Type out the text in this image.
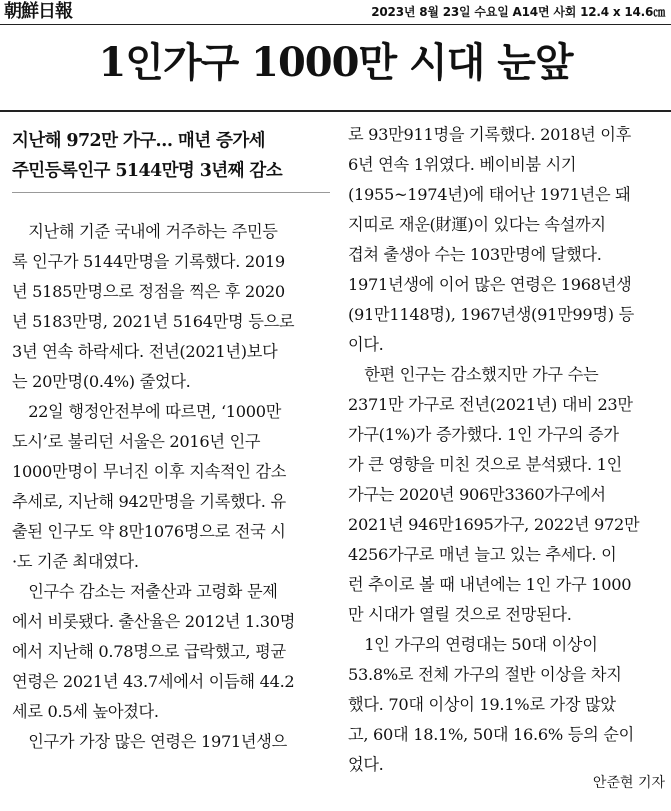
朝鮮日報	2023년 8월 23일 수요일 A14면 사회 12.4 x 14.6㎝
1인가구 1000만 시대 눈앞

지난해 972만 가구… 매년 증가세

주민등록인구 5144만명 3년째 감소

지난해 기준 국내에 거주하는 주민등
록 인구가 5144만명을 기록했다. 2019
년 5185만명으로 정점을 찍은 후 2020
년 5183만명, 2021년 5164만명 등으로
3년 연속 하락세다. 전년(2021년)보다
는 20만명(0.4%) 줄었다.
22일 행정안전부에 따르면, ‘1000만
도시’로 불리던 서울은 2016년 인구
1000만명이 무너진 이후 지속적인 감소
추세로, 지난해 942만명을 기록했다. 유
출된 인구도 약 8만1076명으로 전국 시
·도 기준 최대였다.
인구수 감소는 저출산과 고령화 문제
에서 비롯됐다. 출산율은 2012년 1.30명
에서 지난해 0.78명으로 급락했고, 평균
연령은 2021년 43.7세에서 이듬해 44.2
세로 0.5세 높아졌다.
인구가 가장 많은 연령은 1971년생으
로 93만911명을 기록했다. 2018년 이후
6년 연속 1위였다. 베이비붐 시기
(1955~1974년)에 태어난 1971년은 돼
지띠로 재운(財運)이 있다는 속설까지
겹쳐 출생아 수는 103만명에 달했다.
1971년생에 이어 많은 연령은 1968년생
(91만1148명), 1967년생(91만99명) 등
이다.
한편 인구는 감소했지만 가구 수는
2371만 가구로 전년(2021년) 대비 23만
가구(1%)가 증가했다. 1인 가구의 증가
가 큰 영향을 미친 것으로 분석됐다. 1인
가구는 2020년 906만3360가구에서
2021년 946만1695가구, 2022년 972만
4256가구로 매년 늘고 있는 추세다. 이
런 추이로 볼 때 내년에는 1인 가구 1000
만 시대가 열릴 것으로 전망된다.
1인 가구의 연령대는 50대 이상이
53.8%로 전체 가구의 절반 이상을 차지
했다. 70대 이상이 19.1%로 가장 많았
고, 60대 18.1%, 50대 16.6% 등의 순이
었다.
안준현 기자
